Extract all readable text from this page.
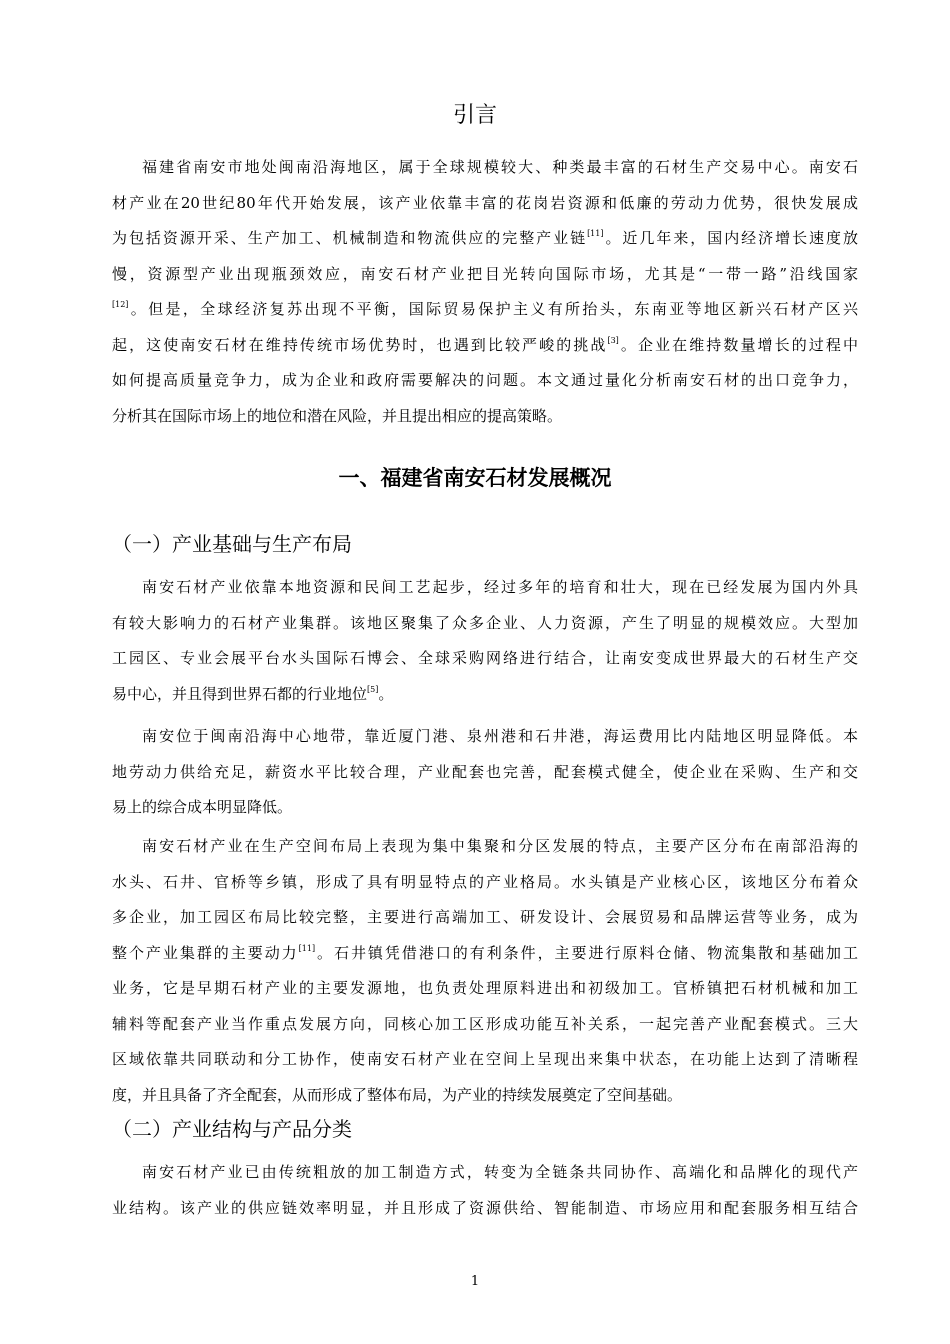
引言
福建省南安市地处闽南沿海地区，属于全球规模较大、种类最丰富的石材生产交易中心。南安石
材产业在20世纪80年代开始发展，该产业依靠丰富的花岗岩资源和低廉的劳动力优势，很快发展成
为包括资源开采、生产加工、机械制造和物流供应的完整产业链[11]。近几年来，国内经济增长速度放
慢，资源型产业出现瓶颈效应，南安石材产业把目光转向国际市场，尤其是“一带一路”沿线国家
[12]。但是，全球经济复苏出现不平衡，国际贸易保护主义有所抬头，东南亚等地区新兴石材产区兴
起，这使南安石材在维持传统市场优势时，也遇到比较严峻的挑战[3]。企业在维持数量增长的过程中
如何提高质量竞争力，成为企业和政府需要解决的问题。本文通过量化分析南安石材的出口竞争力，
分析其在国际市场上的地位和潜在风险，并且提出相应的提高策略。
一、福建省南安石材发展概况
（一）产业基础与生产布局
南安石材产业依靠本地资源和民间工艺起步，经过多年的培育和壮大，现在已经发展为国内外具
有较大影响力的石材产业集群。该地区聚集了众多企业、人力资源，产生了明显的规模效应。大型加
工园区、专业会展平台水头国际石博会、全球采购网络进行结合，让南安变成世界最大的石材生产交
易中心，并且得到世界石都的行业地位[5]。
南安位于闽南沿海中心地带，靠近厦门港、泉州港和石井港，海运费用比内陆地区明显降低。本
地劳动力供给充足，薪资水平比较合理，产业配套也完善，配套模式健全，使企业在采购、生产和交
易上的综合成本明显降低。
南安石材产业在生产空间布局上表现为集中集聚和分区发展的特点，主要产区分布在南部沿海的
水头、石井、官桥等乡镇，形成了具有明显特点的产业格局。水头镇是产业核心区，该地区分布着众
多企业，加工园区布局比较完整，主要进行高端加工、研发设计、会展贸易和品牌运营等业务，成为
整个产业集群的主要动力[11]。石井镇凭借港口的有利条件，主要进行原料仓储、物流集散和基础加工
业务，它是早期石材产业的主要发源地，也负责处理原料进出和初级加工。官桥镇把石材机械和加工
辅料等配套产业当作重点发展方向，同核心加工区形成功能互补关系，一起完善产业配套模式。三大
区域依靠共同联动和分工协作，使南安石材产业在空间上呈现出来集中状态，在功能上达到了清晰程
度，并且具备了齐全配套，从而形成了整体布局，为产业的持续发展奠定了空间基础。
（二）产业结构与产品分类
南安石材产业已由传统粗放的加工制造方式，转变为全链条共同协作、高端化和品牌化的现代产
业结构。该产业的供应链效率明显，并且形成了资源供给、智能制造、市场应用和配套服务相互结合
1
